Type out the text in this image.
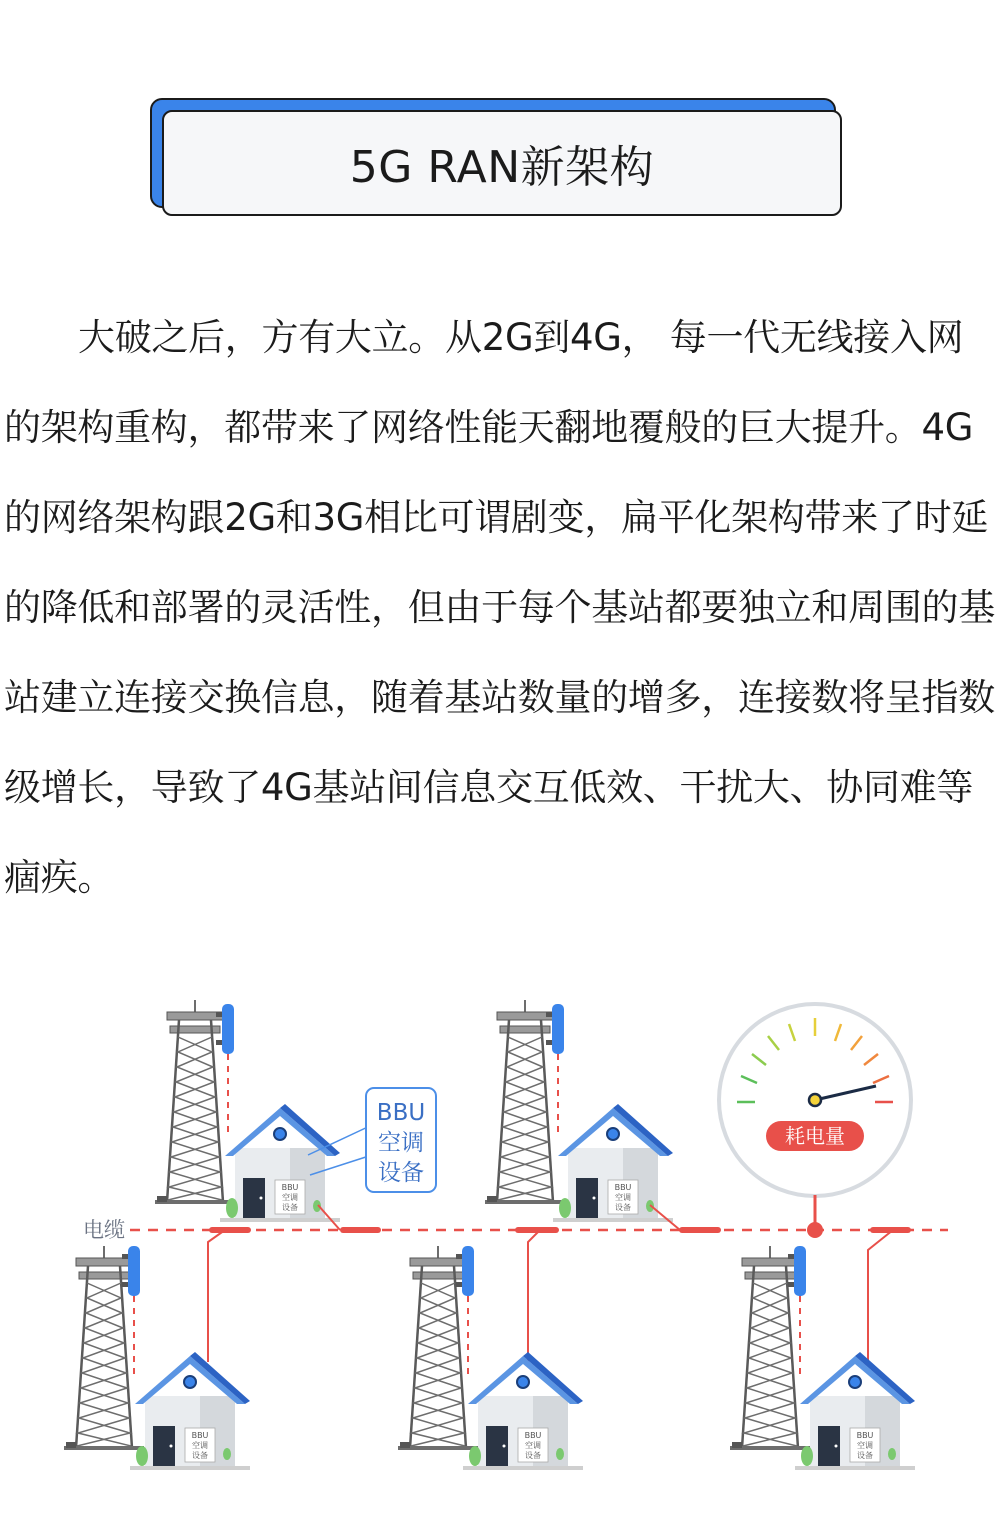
5G RAN新架构

大破之后，方有大立。从2G到4G， 每一代无线接入网的架构重构，都带来了网络性能天翻地覆般的巨大提升。4G的网络架构跟2G和3G相比可谓剧变，扁平化架构带来了时延的降低和部署的灵活性，但由于每个基站都要独立和周围的基站建立连接交换信息，随着基站数量的增多，连接数将呈指数级增长，导致了4G基站间信息交互低效、干扰大、协同难等痼疾。

BBU
空调
设备
BBU
空调
设备
BBU
空调
设备
耗电量
电缆
BBU
空调
设备
BBU
空调
设备
BBU
空调
设备
